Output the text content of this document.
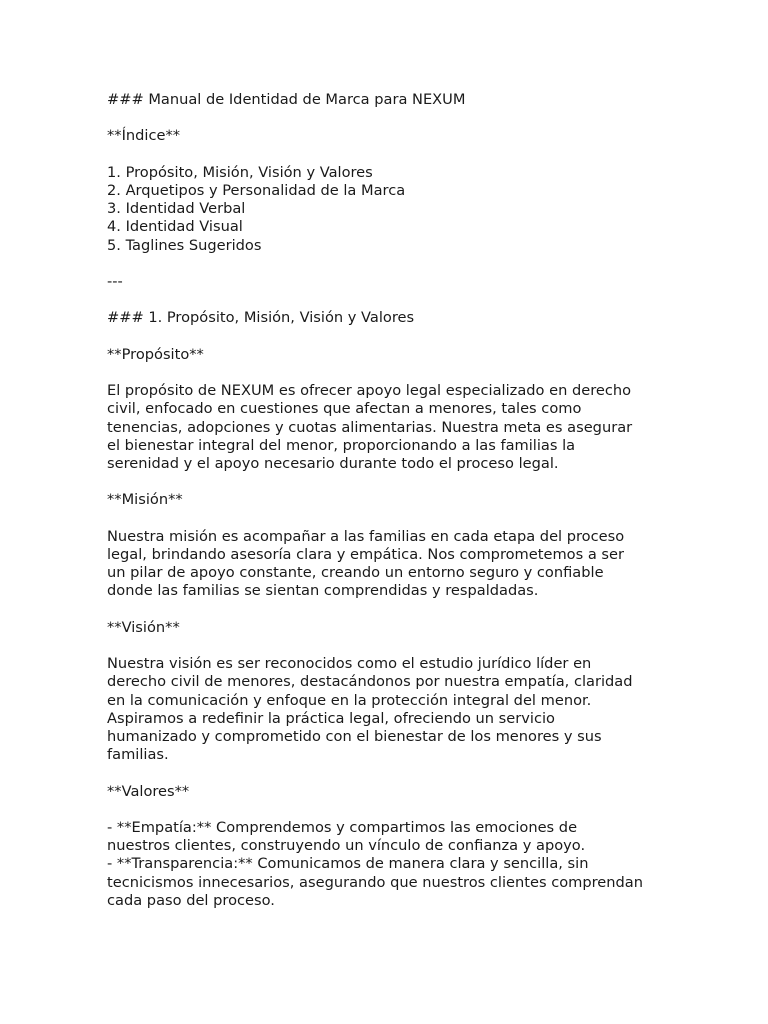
### Manual de Identidad de Marca para NEXUM
**Índice**
1. Propósito, Misión, Visión y Valores
2. Arquetipos y Personalidad de la Marca
3. Identidad Verbal
4. Identidad Visual
5. Taglines Sugeridos
---
### 1. Propósito, Misión, Visión y Valores
**Propósito**
El propósito de NEXUM es ofrecer apoyo legal especializado en derecho
civil, enfocado en cuestiones que afectan a menores, tales como
tenencias, adopciones y cuotas alimentarias. Nuestra meta es asegurar
el bienestar integral del menor, proporcionando a las familias la
serenidad y el apoyo necesario durante todo el proceso legal.
**Misión**
Nuestra misión es acompañar a las familias en cada etapa del proceso
legal, brindando asesoría clara y empática. Nos comprometemos a ser
un pilar de apoyo constante, creando un entorno seguro y confiable
donde las familias se sientan comprendidas y respaldadas.
**Visión**
Nuestra visión es ser reconocidos como el estudio jurídico líder en
derecho civil de menores, destacándonos por nuestra empatía, claridad
en la comunicación y enfoque en la protección integral del menor.
Aspiramos a redefinir la práctica legal, ofreciendo un servicio
humanizado y comprometido con el bienestar de los menores y sus
familias.
**Valores**
- **Empatía:** Comprendemos y compartimos las emociones de
nuestros clientes, construyendo un vínculo de confianza y apoyo.
- **Transparencia:** Comunicamos de manera clara y sencilla, sin
tecnicismos innecesarios, asegurando que nuestros clientes comprendan
cada paso del proceso.
